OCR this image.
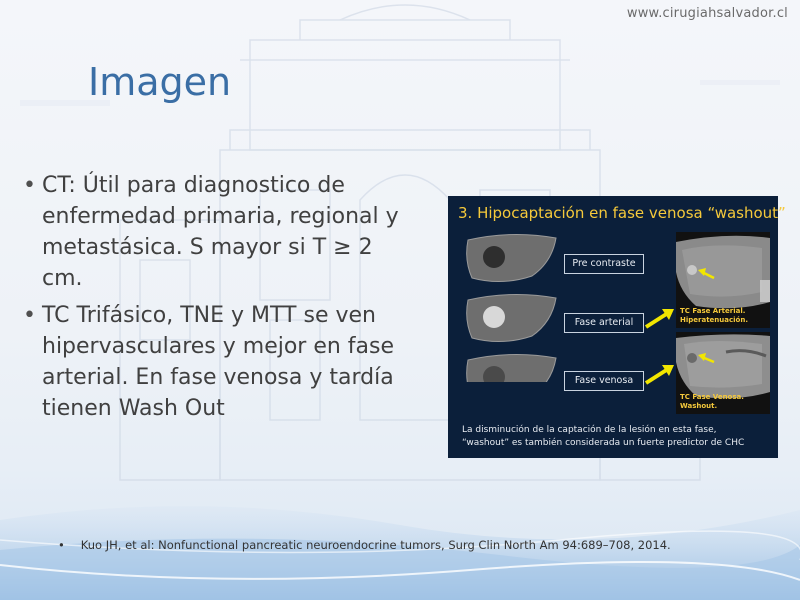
www.cirugiahsalvador.cl
Imagen
• CT: Útil para diagnostico de enfermedad primaria, regional y metastásica. S mayor si T ≥ 2 cm.
• TC Trifásico, TNE y MTT se ven hipervasculares y mejor en fase arterial. En fase venosa y tardía tienen Wash Out
3. Hipocaptación en fase venosa “washout”
Pre contraste
Fase arterial
Fase venosa
TC Fase Arterial.
Hiperatenuación.
TC Fase Venosa.
Washout.
La disminución de la captación de la lesión en esta fase,
“washout” es también considerada un fuerte predictor de CHC
• Kuo JH, et al: Nonfunctional pancreatic neuroendocrine tumors, Surg Clin North Am 94:689–708, 2014.
